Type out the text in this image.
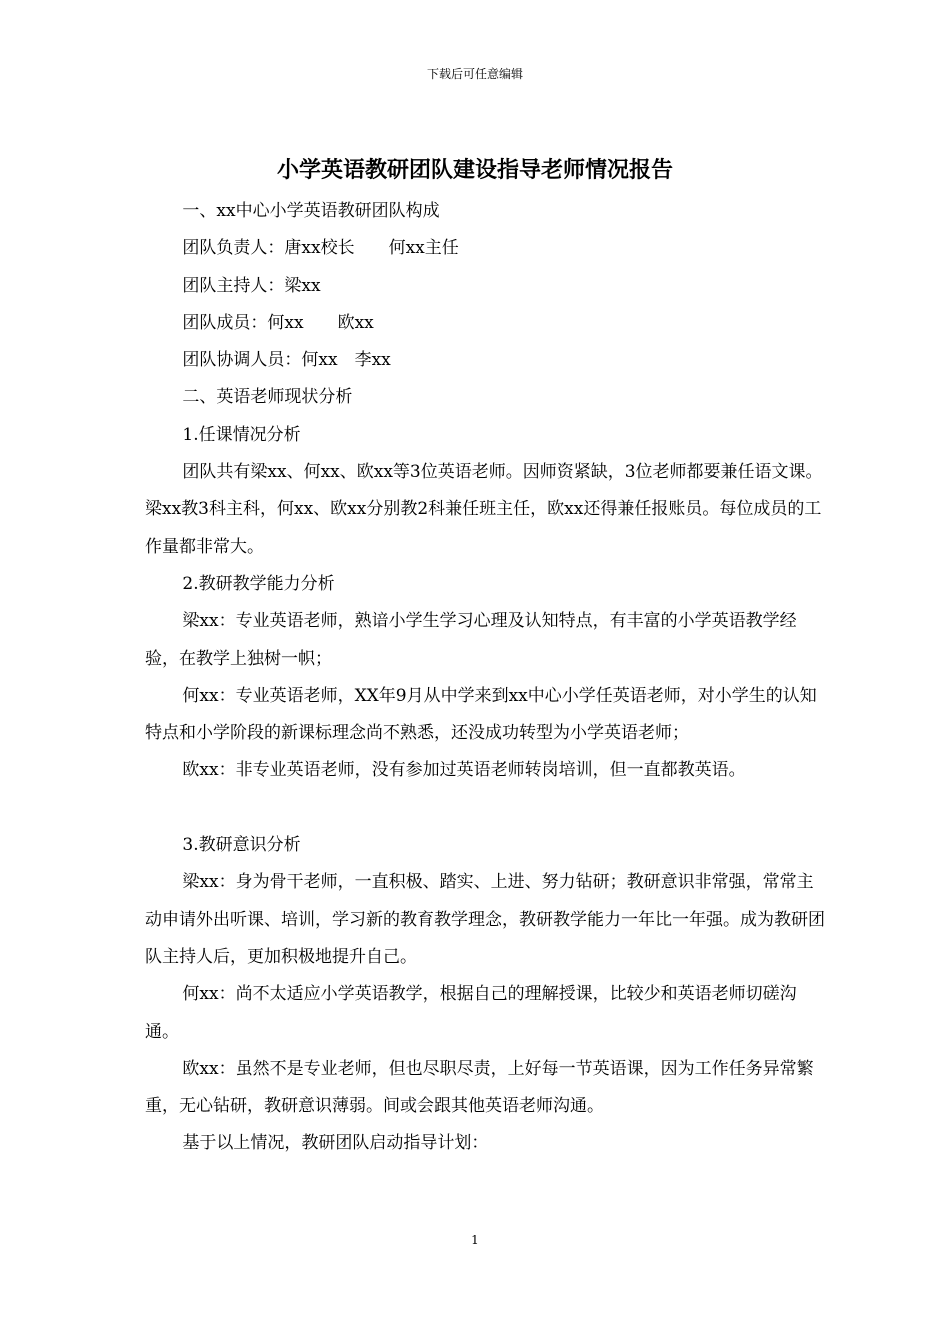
下载后可任意编辑
小学英语教研团队建设指导老师情况报告

一、xx中心小学英语教研团队构成

团队负责人：唐xx校长　　何xx主任

团队主持人：梁xx

团队成员：何xx　　欧xx

团队协调人员：何xx　李xx

二、英语老师现状分析

1.任课情况分析

团队共有梁xx、何xx、欧xx等3位英语老师。因师资紧缺，3位老师都要兼任语文课。梁xx教3科主科，何xx、欧xx分别教2科兼任班主任，欧xx还得兼任报账员。每位成员的工作量都非常大。

2.教研教学能力分析

梁xx：专业英语老师，熟谙小学生学习心理及认知特点，有丰富的小学英语教学经验，在教学上独树一帜；

何xx：专业英语老师，XX年9月从中学来到xx中心小学任英语老师，对小学生的认知特点和小学阶段的新课标理念尚不熟悉，还没成功转型为小学英语老师；

欧xx：非专业英语老师，没有参加过英语老师转岗培训，但一直都教英语。

3.教研意识分析

梁xx：身为骨干老师，一直积极、踏实、上进、努力钻研；教研意识非常强，常常主动申请外出听课、培训，学习新的教育教学理念，教研教学能力一年比一年强。成为教研团队主持人后，更加积极地提升自己。

何xx：尚不太适应小学英语教学，根据自己的理解授课，比较少和英语老师切磋沟通。

欧xx：虽然不是专业老师，但也尽职尽责，上好每一节英语课，因为工作任务异常繁重，无心钻研，教研意识薄弱。间或会跟其他英语老师沟通。

基于以上情况，教研团队启动指导计划：

1
